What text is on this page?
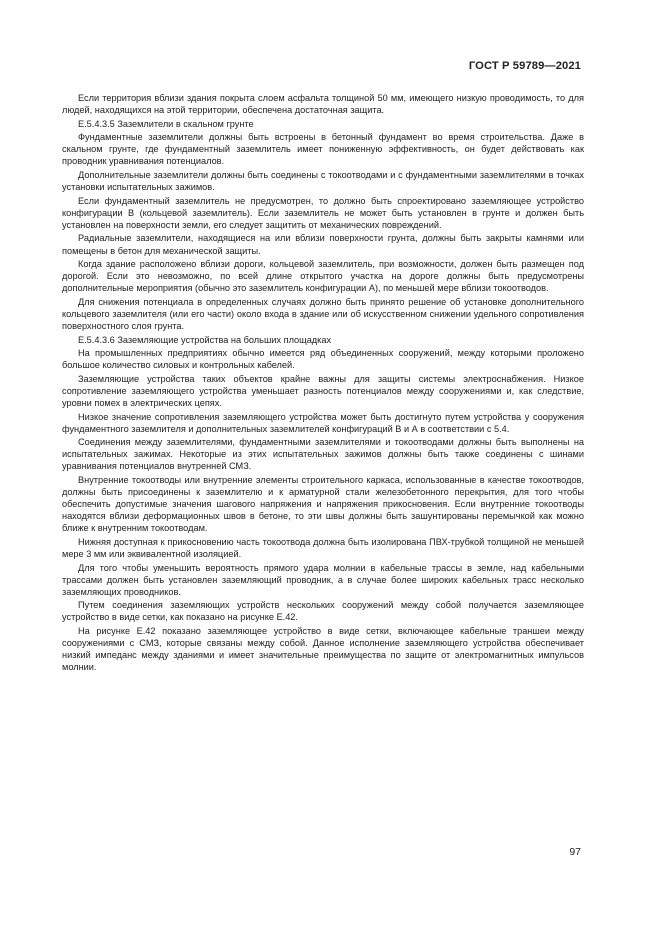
ГОСТ Р 59789—2021

Если территория вблизи здания покрыта слоем асфальта толщиной 50 мм, имеющего низкую проводимость, то для людей, находящихся на этой территории, обеспечена достаточная защита.

Е.5.4.3.5 Заземлители в скальном грунте

Фундаментные заземлители должны быть встроены в бетонный фундамент во время строительства. Даже в скальном грунте, где фундаментный заземлитель имеет пониженную эффективность, он будет действовать как проводник уравнивания потенциалов.

Дополнительные заземлители должны быть соединены с токоотводами и с фундаментными заземлителями в точках установки испытательных зажимов.

Если фундаментный заземлитель не предусмотрен, то должно быть спроектировано заземляющее устройство конфигурации В (кольцевой заземлитель). Если заземлитель не может быть установлен в грунте и должен быть установлен на поверхности земли, его следует защитить от механических повреждений.

Радиальные заземлители, находящиеся на или вблизи поверхности грунта, должны быть закрыты камнями или помещены в бетон для механической защиты.

Когда здание расположено вблизи дороги, кольцевой заземлитель, при возможности, должен быть размещен под дорогой. Если это невозможно, по всей длине открытого участка на дороге должны быть предусмотрены дополнительные мероприятия (обычно это заземлитель конфигурации А), по меньшей мере вблизи токоотводов.

Для снижения потенциала в определенных случаях должно быть принято решение об установке дополнительного кольцевого заземлителя (или его части) около входа в здание или об искусственном снижении удельного сопротивления поверхностного слоя грунта.

Е.5.4.3.6 Заземляющие устройства на больших площадках

На промышленных предприятиях обычно имеется ряд объединенных сооружений, между которыми проложено большое количество силовых и контрольных кабелей.

Заземляющие устройства таких объектов крайне важны для защиты системы электроснабжения. Низкое сопротивление заземляющего устройства уменьшает разность потенциалов между сооружениями и, как следствие, уровни помех в электрических цепях.

Низкое значение сопротивления заземляющего устройства может быть достигнуто путем устройства у сооружения фундаментного заземлителя и дополнительных заземлителей конфигураций В и А в соответствии с 5.4.

Соединения между заземлителями, фундаментными заземлителями и токоотводами должны быть выполнены на испытательных зажимах. Некоторые из этих испытательных зажимов должны быть также соединены с шинами уравнивания потенциалов внутренней СМЗ.

Внутренние токоотводы или внутренние элементы строительного каркаса, использованные в качестве токоотводов, должны быть присоединены к заземлителю и к арматурной стали железобетонного перекрытия, для того чтобы обеспечить допустимые значения шагового напряжения и напряжения прикосновения. Если внутренние токоотводы находятся вблизи деформационных швов в бетоне, то эти швы должны быть зашунтированы перемычкой как можно ближе к внутренним токоотводам.

Нижняя доступная к прикосновению часть токоотвода должна быть изолирована ПВХ-трубкой толщиной не меньшей мере 3 мм или эквивалентной изоляцией.

Для того чтобы уменьшить вероятность прямого удара молнии в кабельные трассы в земле, над кабельными трассами должен быть установлен заземляющий проводник, а в случае более широких кабельных трасс несколько заземляющих проводников.

Путем соединения заземляющих устройств нескольких сооружений между собой получается заземляющее устройство в виде сетки, как показано на рисунке Е.42.

На рисунке Е.42 показано заземляющее устройство в виде сетки, включающее кабельные траншеи между сооружениями с СМЗ, которые связаны между собой. Данное исполнение заземляющего устройства обеспечивает низкий импеданс между зданиями и имеет значительные преимущества по защите от электромагнитных импульсов молнии.

97
